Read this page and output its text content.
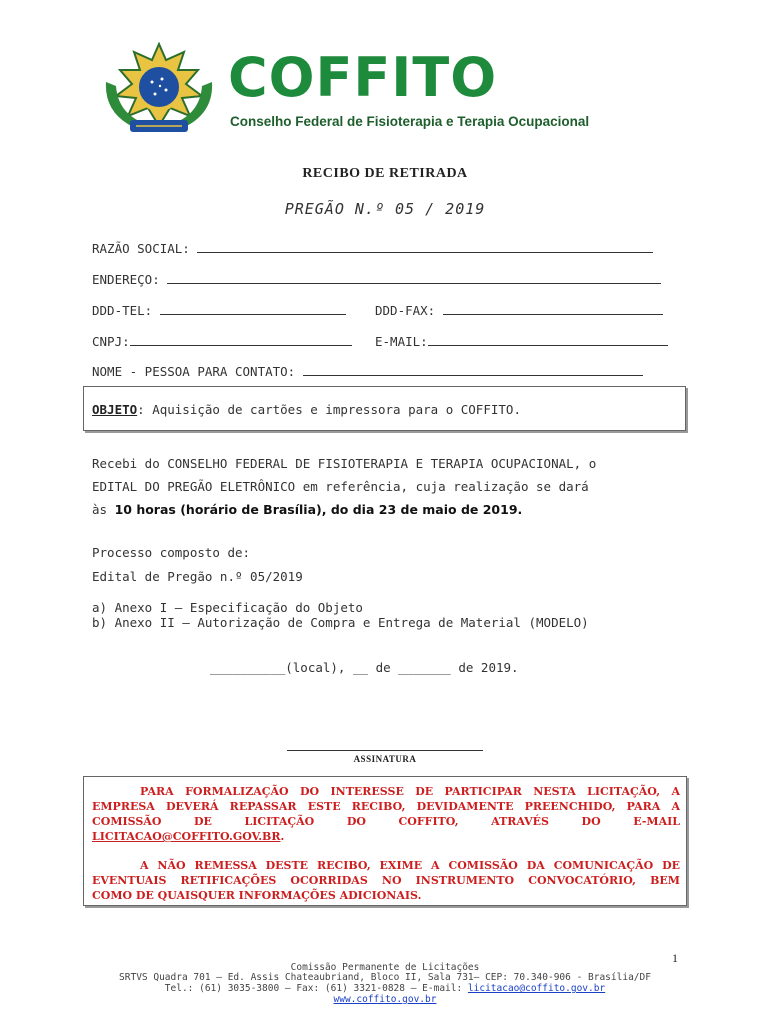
COFFITO
Conselho Federal de Fisioterapia e Terapia Ocupacional
RECIBO DE RETIRADA
PREGÃO N.º 05 / 2019
RAZÃO SOCIAL:
ENDEREÇO:
DDD-TEL:	DDD-FAX:
CNPJ:	E-MAIL:
NOME - PESSOA PARA CONTATO:
OBJETO: Aquisição de cartões e impressora para o COFFITO.
Recebi do CONSELHO FEDERAL DE FISIOTERAPIA E TERAPIA OCUPACIONAL, o
EDITAL DO PREGÃO ELETRÔNICO em referência, cuja realização se dará
às 10 horas (horário de Brasília), do dia 23 de maio de 2019.
Processo composto de:
Edital de Pregão n.º 05/2019
a) Anexo I – Especificação do Objeto
b) Anexo II – Autorização de Compra e Entrega de Material (MODELO)
__________(local), __ de _______ de 2019.
ASSINATURA
PARA FORMALIZAÇÃO DO INTERESSE DE PARTICIPAR NESTA LICITAÇÃO, A
EMPRESA DEVERÁ REPASSAR ESTE RECIBO, DEVIDAMENTE PREENCHIDO, PARA A
COMISSÃO DE LICITAÇÃO DO COFFITO, ATRAVÉS DO E-MAIL
LICITACAO@COFFITO.GOV.BR.
A NÃO REMESSA DESTE RECIBO, EXIME A COMISSÃO DA COMUNICAÇÃO DE
EVENTUAIS RETIFICAÇÕES OCORRIDAS NO INSTRUMENTO CONVOCATÓRIO, BEM
COMO DE QUAISQUER INFORMAÇÕES ADICIONAIS.
1
Comissão Permanente de Licitações
SRTVS Quadra 701 – Ed. Assis Chateaubriand, Bloco II, Sala 731– CEP: 70.340-906 - Brasília/DF
Tel.: (61) 3035-3800 – Fax: (61) 3321-0828 – E-mail: licitacao@coffito.gov.br
www.coffito.gov.br
